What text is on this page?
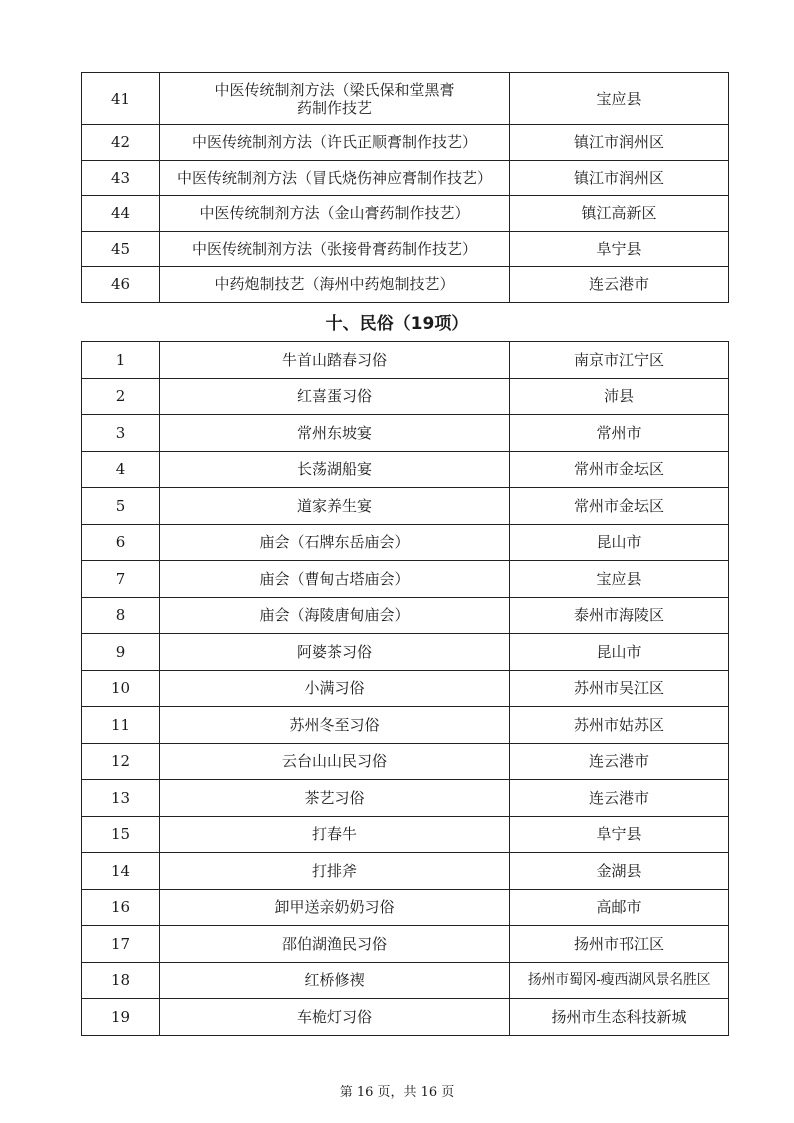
41	中医传统制剂方法（梁氏保和堂黑膏药制作技艺	宝应县
42	中医传统制剂方法（许氏正顺膏制作技艺）	镇江市润州区
43	中医传统制剂方法（冒氏烧伤神应膏制作技艺）	镇江市润州区
44	中医传统制剂方法（金山膏药制作技艺）	镇江高新区
45	中医传统制剂方法（张接骨膏药制作技艺）	阜宁县
46	中药炮制技艺（海州中药炮制技艺）	连云港市
十、民俗（19项）
1	牛首山踏春习俗	南京市江宁区
2	红喜蛋习俗	沛县
3	常州东坡宴	常州市
4	长荡湖船宴	常州市金坛区
5	道家养生宴	常州市金坛区
6	庙会（石牌东岳庙会）	昆山市
7	庙会（曹甸古塔庙会）	宝应县
8	庙会（海陵唐甸庙会）	泰州市海陵区
9	阿婆茶习俗	昆山市
10	小满习俗	苏州市吴江区
11	苏州冬至习俗	苏州市姑苏区
12	云台山山民习俗	连云港市
13	茶艺习俗	连云港市
15	打春牛	阜宁县
14	打排斧	金湖县
16	卸甲送亲奶奶习俗	高邮市
17	邵伯湖渔民习俗	扬州市邗江区
18	红桥修禊	扬州市蜀冈-瘦西湖风景名胜区
19	车桅灯习俗	扬州市生态科技新城
第 16 页，共 16 页
